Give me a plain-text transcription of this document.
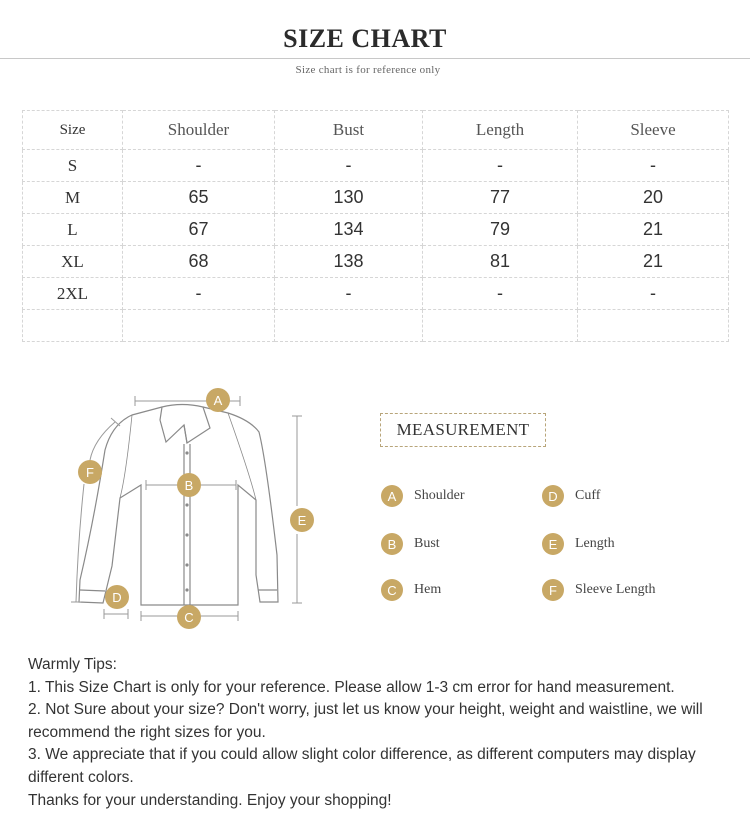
SIZE CHART
Size chart is for reference only
Size	Shoulder	Bust	Length	Sleeve
S	-	-	-	-
M	65	130	77	20
L	67	134	79	21
XL	68	138	81	21
2XL	-	-	-	-

A
B
C
D
E
F
MEASUREMENT
A	Shoulder
B	Bust
C	Hem
D	Cuff
E	Length
F	Sleeve Length

Warmly Tips:

1. This Size Chart is only for your reference. Please allow 1-3 cm error for hand measurement.

2. Not Sure about your size? Don't worry, just let us know your height, weight and waistline, we will recommend the right sizes for you.

3. We appreciate that if you could allow slight color difference, as different computers may display different colors.

Thanks for your understanding. Enjoy your shopping!
